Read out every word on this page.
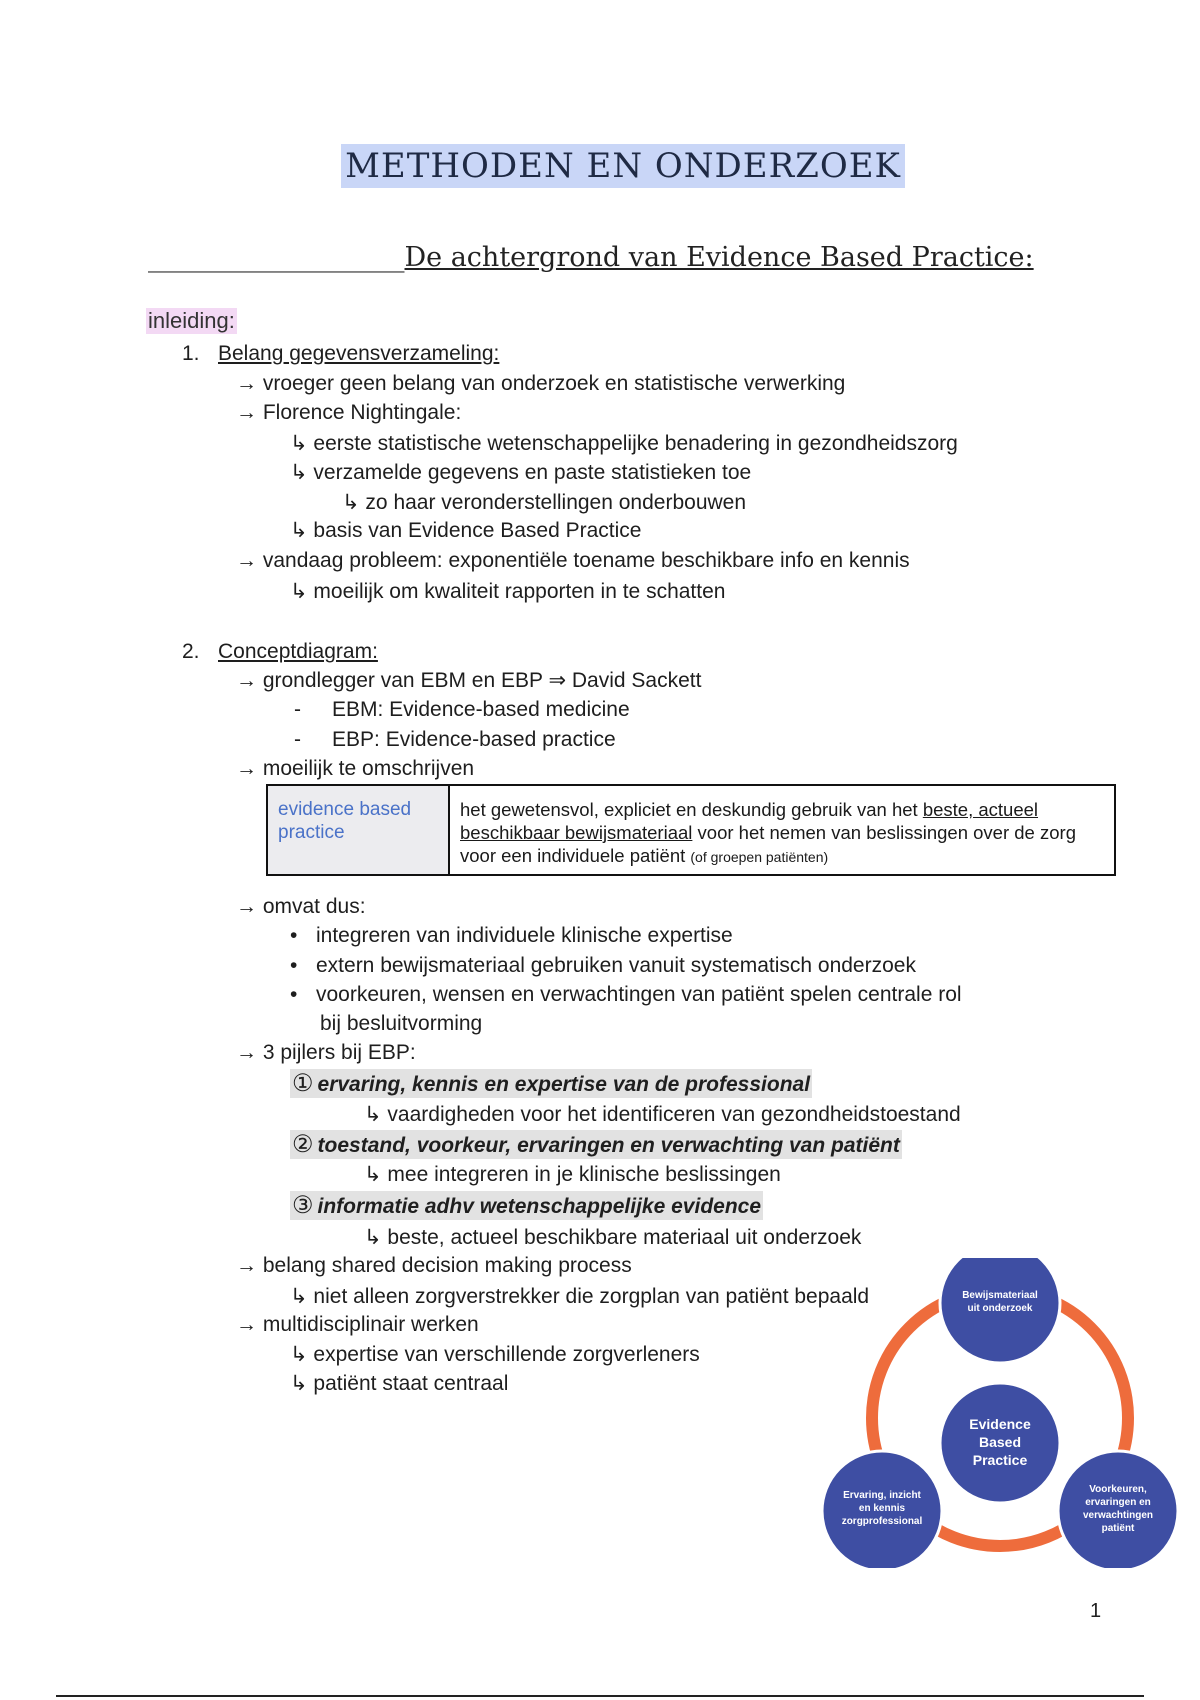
METHODEN EN ONDERZOEK
___________________De achtergrond van Evidence Based Practice:
inleiding:
1. Belang gegevensverzameling:
→ vroeger geen belang van onderzoek en statistische verwerking
→ Florence Nightingale:
↳ eerste statistische wetenschappelijke benadering in gezondheidszorg
↳ verzamelde gegevens en paste statistieken toe
↳ zo haar veronderstellingen onderbouwen
↳ basis van Evidence Based Practice
→ vandaag probleem: exponentiële toename beschikbare info en kennis
↳ moeilijk om kwaliteit rapporten in te schatten
2. Conceptdiagram:
→ grondlegger van EBM en EBP ⇒ David Sackett
- EBM: Evidence-based medicine
- EBP: Evidence-based practice
→ moeilijk te omschrijven
evidence based practice
het gewetensvol, expliciet en deskundig gebruik van het beste, actueel beschikbaar bewijsmateriaal voor het nemen van beslissingen over de zorg voor een individuele patiënt (of groepen patiënten)
→ omvat dus:
• integreren van individuele klinische expertise
• extern bewijsmateriaal gebruiken vanuit systematisch onderzoek
• voorkeuren, wensen en verwachtingen van patiënt spelen centrale rol
bij besluitvorming
→ 3 pijlers bij EBP:
① ervaring, kennis en expertise van de professional
↳ vaardigheden voor het identificeren van gezondheidstoestand
② toestand, voorkeur, ervaringen en verwachting van patiënt
↳ mee integreren in je klinische beslissingen
③ informatie adhv wetenschappelijke evidence
↳ beste, actueel beschikbare materiaal uit onderzoek
→ belang shared decision making process
↳ niet alleen zorgverstrekker die zorgplan van patiënt bepaald
→ multidisciplinair werken
↳ expertise van verschillende zorgverleners
↳ patiënt staat centraal
Bewijsmateriaal
uit onderzoek
Evidence
Based
Practice
Ervaring, inzicht
en kennis
zorgprofessional
Voorkeuren,
ervaringen en
verwachtingen
patiënt
1
